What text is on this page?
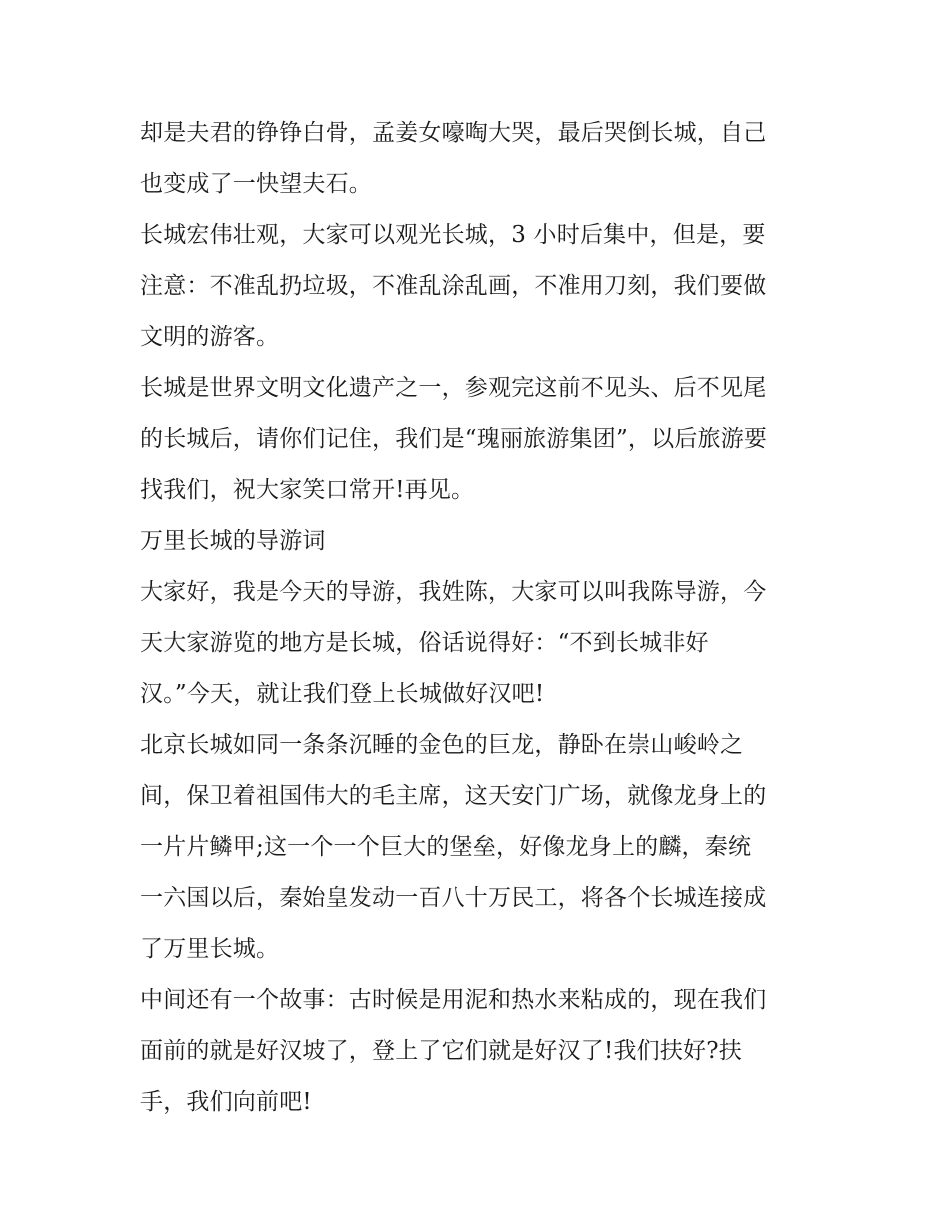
却是夫君的铮铮白骨，孟姜女嚎啕大哭，最后哭倒长城，自己
也变成了一快望夫石。
长城宏伟壮观，大家可以观光长城，3 小时后集中，但是，要
注意：不准乱扔垃圾，不准乱涂乱画，不准用刀刻，我们要做
文明的游客。
长城是世界文明文化遗产之一，参观完这前不见头、后不见尾
的长城后，请你们记住，我们是“瑰丽旅游集团”，以后旅游要
找我们，祝大家笑口常开!再见。
万里长城的导游词
大家好，我是今天的导游，我姓陈，大家可以叫我陈导游，今
天大家游览的地方是长城，俗话说得好：“不到长城非好
汉。”今天，就让我们登上长城做好汉吧!
北京长城如同一条条沉睡的金色的巨龙，静卧在崇山峻岭之
间，保卫着祖国伟大的毛主席，这天安门广场，就像龙身上的
一片片鳞甲;这一个一个巨大的堡垒，好像龙身上的麟，秦统
一六国以后，秦始皇发动一百八十万民工，将各个长城连接成
了万里长城。
中间还有一个故事：古时候是用泥和热水来粘成的，现在我们
面前的就是好汉坡了，登上了它们就是好汉了!我们扶好?扶
手，我们向前吧!
